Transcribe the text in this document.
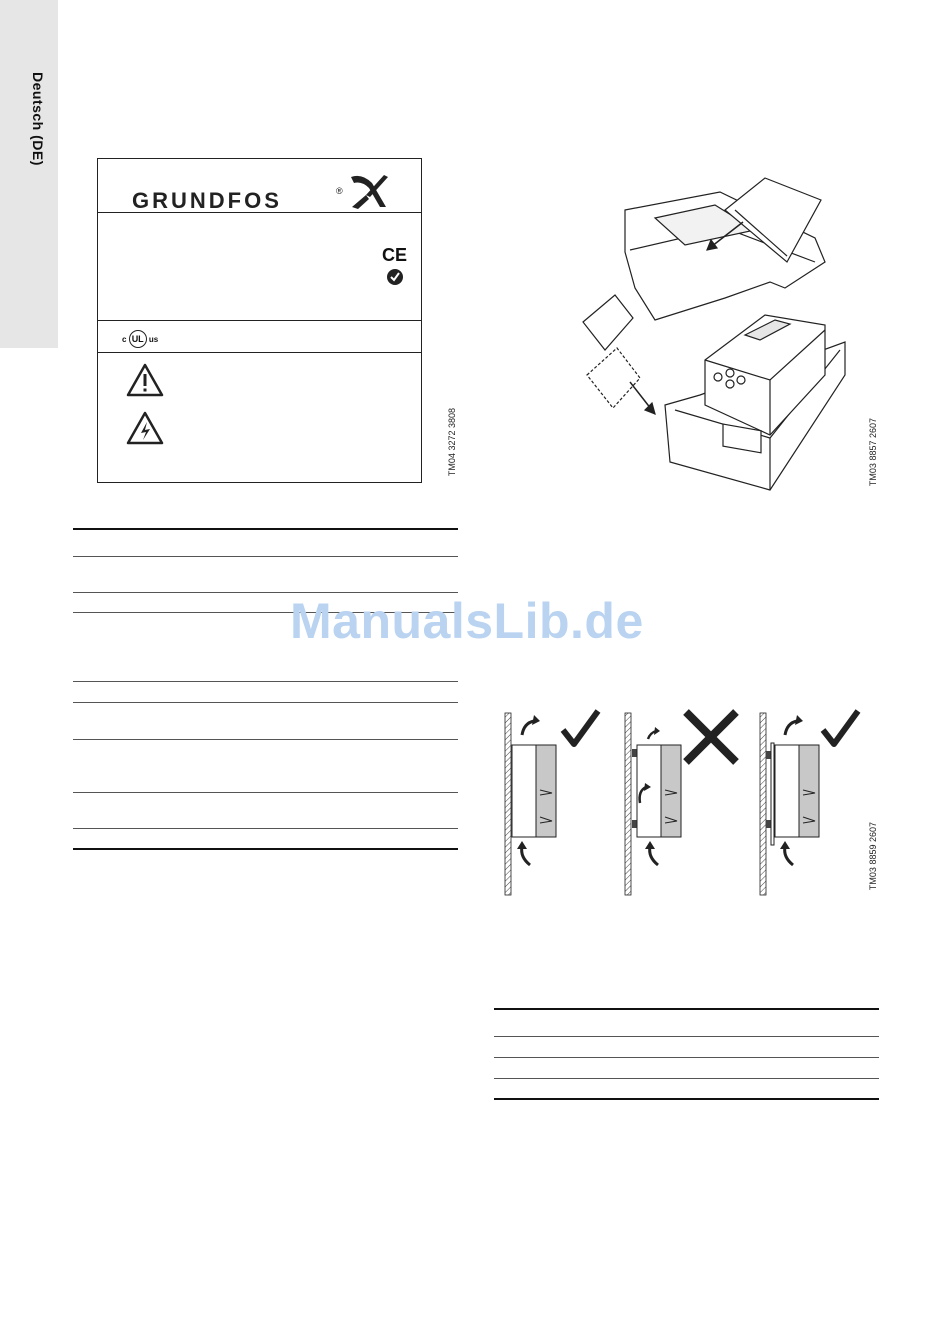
Deutsch (DE)
GRUNDFOS	®
CE
c UL us
TM04 3272 3808	TM03 8857 2607
ManualsLib.de
TM03 8859 2607
